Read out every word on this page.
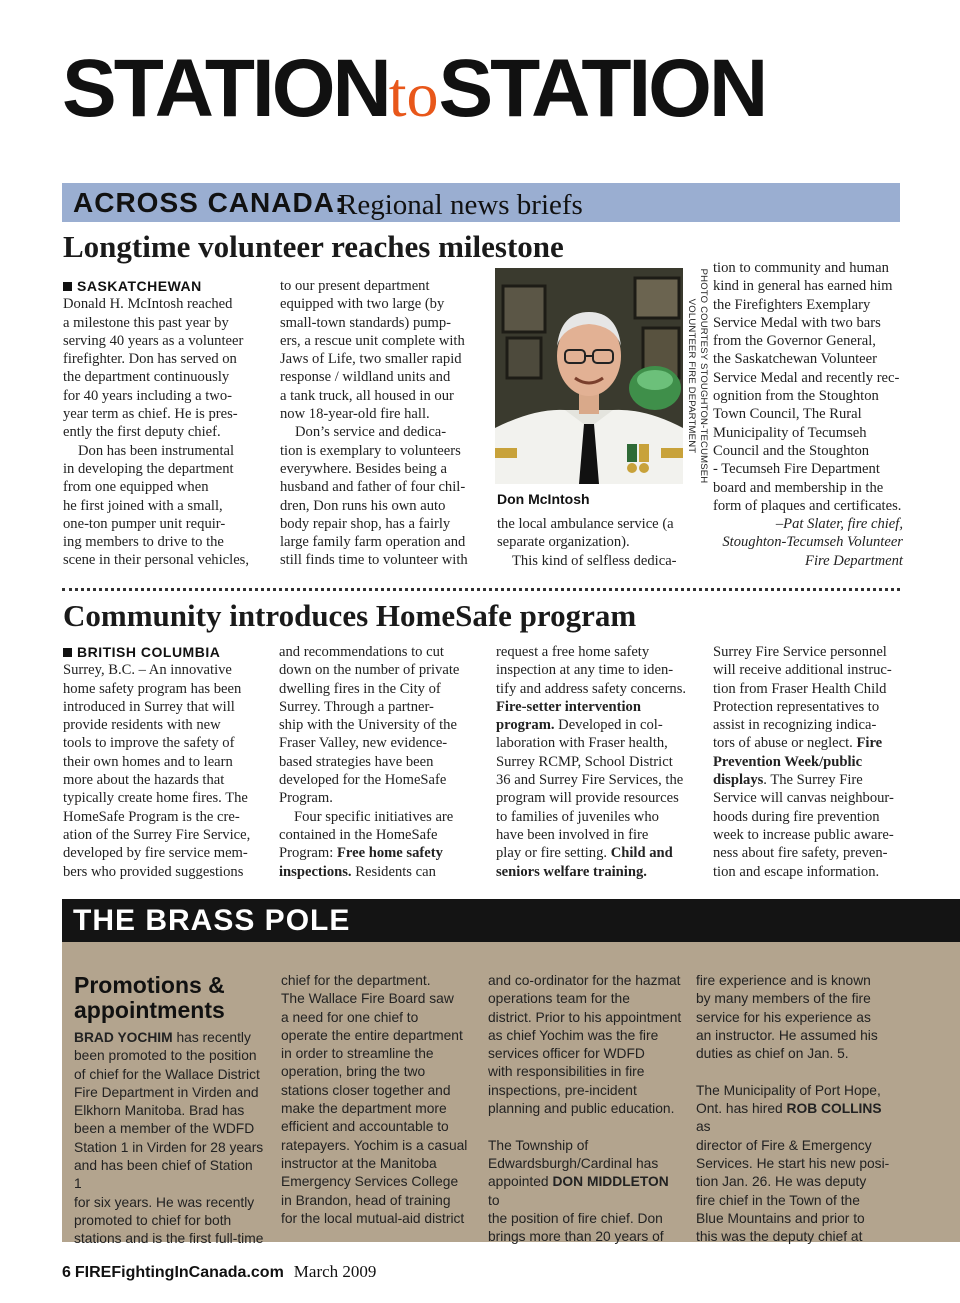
STATIONtoSTATION
ACROSS CANADA:
Regional news briefs
Longtime volunteer reaches milestone
SASKATCHEWAN

Donald H. McIntosh reached

a milestone this past year by

serving 40 years as a volunteer

firefighter. Don has served on

the department continuously

for 40 years including a two-

year term as chief. He is pres-

ently the first deputy chief.

Don has been instrumental

in developing the department

from one equipped when

he first joined with a small,

one-ton pumper unit requir-

ing members to drive to the

scene in their personal vehicles,

to our present department

equipped with two large (by

small-town standards) pump-

ers, a rescue unit complete with

Jaws of Life, two smaller rapid

response / wildland units and

a tank truck, all housed in our

now 18-year-old fire hall.

Don’s service and dedica-

tion is exemplary to volunteers

everywhere. Besides being a

husband and father of four chil-

dren, Don runs his own auto

body repair shop, has a fairly

large family farm operation and

still finds time to volunteer with

PHOTO COURTESY STOUGHTON-TECUMSEH VOLUNTEER FIRE DEPARTMENT
Don McIntosh

the local ambulance service (a

separate organization).

This kind of selfless dedica-

tion to community and human

kind in general has earned him

the Firefighters Exemplary

Service Medal with two bars

from the Governor General,

the Saskatchewan Volunteer

Service Medal and recently rec-

ognition from the Stoughton

Town Council, The Rural

Municipality of Tecumseh

Council and the Stoughton

- Tecumseh Fire Department

board and membership in the

form of plaques and certificates.

–Pat Slater, fire chief,

Stoughton-Tecumseh Volunteer

Fire Department

Community introduces HomeSafe program
BRITISH COLUMBIA

Surrey, B.C. – An innovative

home safety program has been

introduced in Surrey that will

provide residents with new

tools to improve the safety of

their own homes and to learn

more about the hazards that

typically create home fires. The

HomeSafe Program is the cre-

ation of the Surrey Fire Service,

developed by fire service mem-

bers who provided suggestions

and recommendations to cut

down on the number of private

dwelling fires in the City of

Surrey. Through a partner-

ship with the University of the

Fraser Valley, new evidence-

based strategies have been

developed for the HomeSafe

Program.

Four specific initiatives are

contained in the HomeSafe

Program: Free home safety

inspections. Residents can

request a free home safety

inspection at any time to iden-

tify and address safety concerns.

Fire-setter intervention

program. Developed in col-

laboration with Fraser health,

Surrey RCMP, School District

36 and Surrey Fire Services, the

program will provide resources

to families of juveniles who

have been involved in fire

play or fire setting. Child and

seniors welfare training.

Surrey Fire Service personnel

will receive additional instruc-

tion from Fraser Health Child

Protection representatives to

assist in recognizing indica-

tors of abuse or neglect. Fire

Prevention Week/public

displays. The Surrey Fire

Service will canvas neighbour-

hoods during fire prevention

week to increase public aware-

ness about fire safety, preven-

tion and escape information.

THE BRASS POLE
Promotions &
appointments

BRAD YOCHIM has recently

been promoted to the position

of chief for the Wallace District

Fire Department in Virden and

Elkhorn Manitoba. Brad has

been a member of the WDFD

Station 1 in Virden for 28 years

and has been chief of Station 1

for six years. He was recently

promoted to chief for both

stations and is the first full-time

chief for the department.

The Wallace Fire Board saw

a need for one chief to

operate the entire department

in order to streamline the

operation, bring the two

stations closer together and

make the department more

efficient and accountable to

ratepayers. Yochim is a casual

instructor at the Manitoba

Emergency Services College

in Brandon, head of training

for the local mutual-aid district

and co-ordinator for the hazmat

operations team for the

district. Prior to his appointment

as chief Yochim was the fire

services officer for WDFD

with responsibilities in fire

inspections, pre-incident

planning and public education.

The Township of

Edwardsburgh/Cardinal has

appointed DON MIDDLETON to

the position of fire chief. Don

brings more than 20 years of

fire experience and is known

by many members of the fire

service for his experience as

an instructor. He assumed his

duties as chief on Jan. 5.

The Municipality of Port Hope,

Ont. has hired ROB COLLINS as

director of Fire & Emergency

Services. He start his new posi-

tion Jan. 26. He was deputy

fire chief in the Town of the

Blue Mountains and prior to

this was the deputy chief at

6 FIREFightingInCanada.com March 2009
